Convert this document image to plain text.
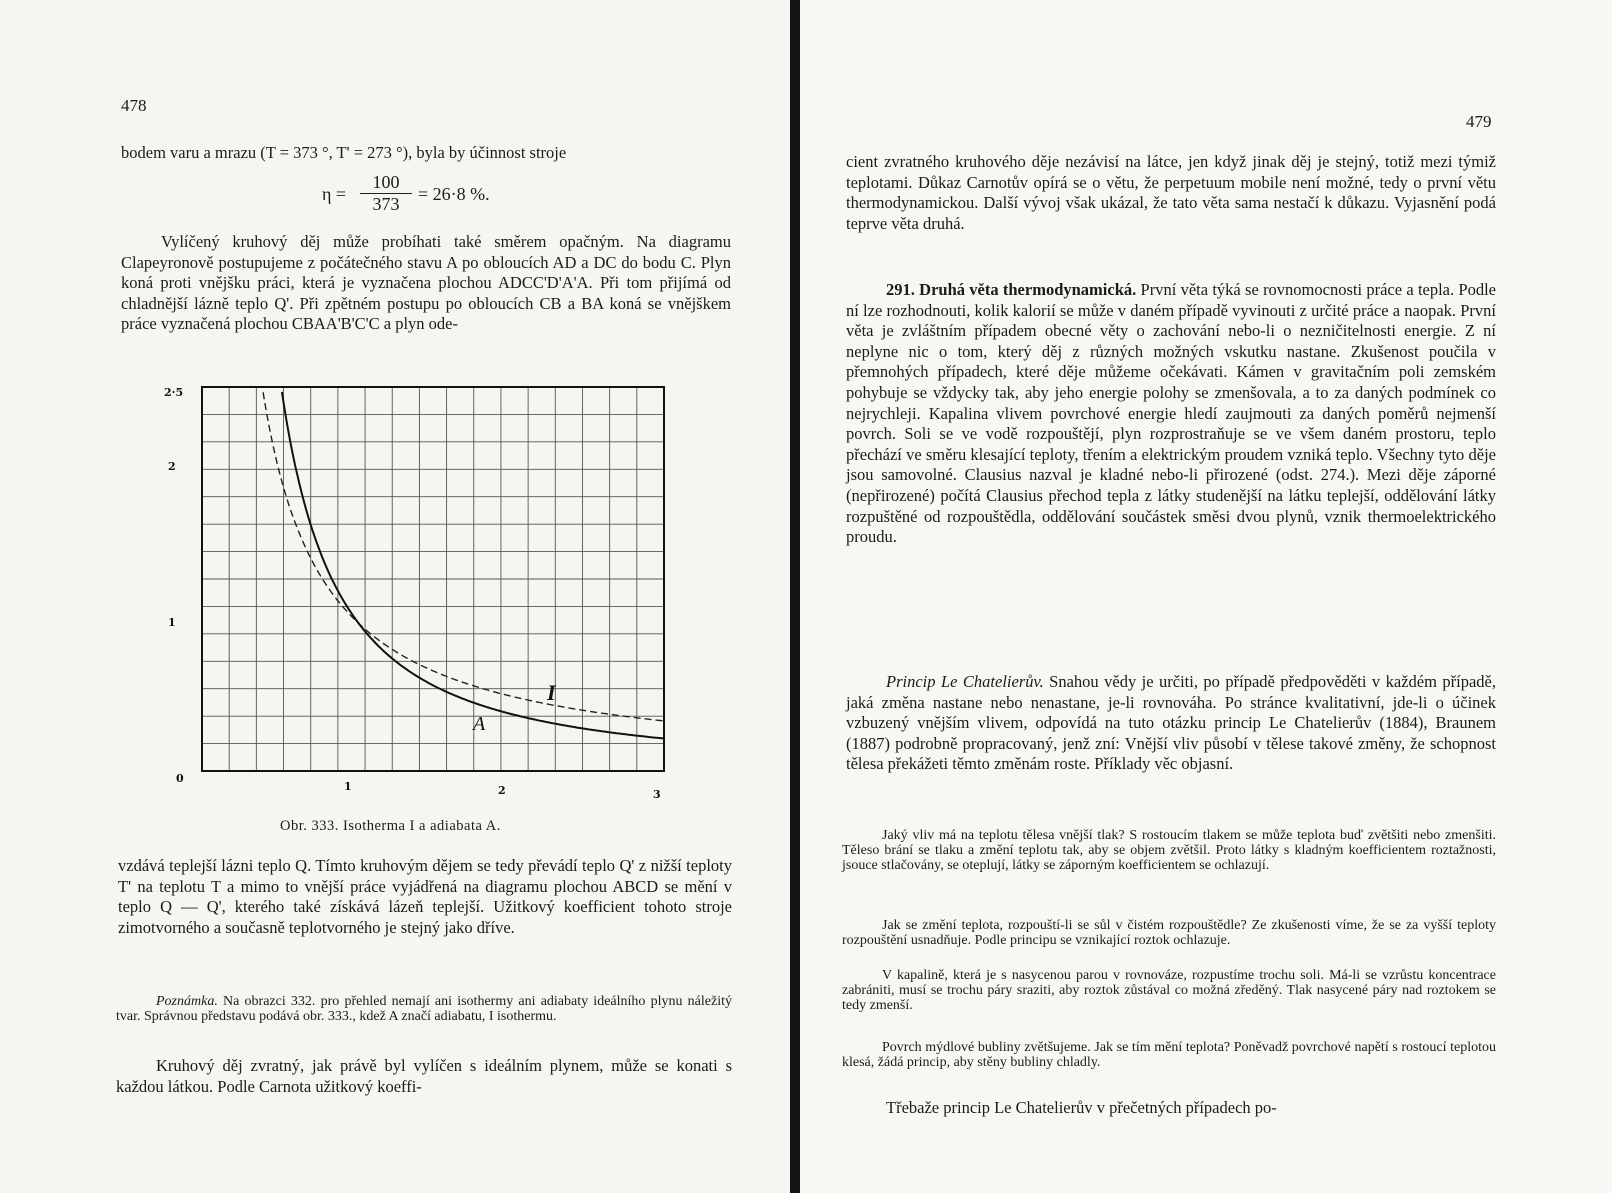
478

bodem varu a mrazu (T = 373 °, T' = 273 °), byla by účinnost stroje

$\eta = \frac{100}{373} = 26\cdot 8$ %.

Vylíčený kruhový děj může probíhati také směrem opačným. Na diagramu Clapeyronově postupujeme z počátečného stavu A po obloucích AD a DC do bodu C. Plyn koná proti vnějšku práci, která je vyznačena plochou ADCC'D'A'A. Při tom přijímá od chladnější lázně teplo Q'. Při zpětném postupu po obloucích CB a BA koná se vnějškem práce vyznačená plochou CBAA'B'C'C a plyn ode-

I
A
0
1	2	3
1
2
2·5
Obr. 333. Isotherma I a adiabata A.

vzdává teplejší lázni teplo Q. Tímto kruhovým dějem se tedy převádí teplo Q' z nižší teploty T' na teplotu T a mimo to vnější práce vyjádřená na diagramu plochou ABCD se mění v teplo Q — Q', kterého také získává lázeň teplejší. Užitkový koefficient tohoto stroje zimotvorného a současně teplotvorného je stejný jako dříve.

Poznámka. Na obrazci 332. pro přehled nemají ani isothermy ani adiabaty ideálního plynu náležitý tvar. Správnou představu podává obr. 333., kdež A značí adiabatu, I isothermu.

Kruhový děj zvratný, jak právě byl vylíčen s ideálním plynem, může se konati s každou látkou. Podle Carnota užitkový koeffi-

479

cient zvratného kruhového děje nezávisí na látce, jen když jinak děj je stejný, totiž mezi týmiž teplotami. Důkaz Carnotův opírá se o větu, že perpetuum mobile není možné, tedy o první větu thermodynamickou. Další vývoj však ukázal, že tato věta sama nestačí k důkazu. Vyjasnění podá teprve věta druhá.

291. Druhá věta thermodynamická. První věta týká se rovnomocnosti práce a tepla. Podle ní lze rozhodnouti, kolik kalorií se může v daném případě vyvinouti z určité práce a naopak. První věta je zvláštním případem obecné věty o zachování nebo-li o nezničitelnosti energie. Z ní neplyne nic o tom, který děj z různých možných vskutku nastane. Zkušenost poučila v přemnohých případech, které děje můžeme očekávati. Kámen v gravitačním poli zemském pohybuje se vždycky tak, aby jeho energie polohy se zmenšovala, a to za daných podmínek co nejrychleji. Kapalina vlivem povrchové energie hledí zaujmouti za daných poměrů nejmenší povrch. Soli se ve vodě rozpouštějí, plyn rozprostraňuje se ve všem daném prostoru, teplo přechází ve směru klesající teploty, třením a elektrickým proudem vzniká teplo. Všechny tyto děje jsou samovolné. Clausius nazval je kladné nebo-li přirozené (odst. 274.). Mezi děje záporné (nepřirozené) počítá Clausius přechod tepla z látky studenější na látku teplejší, oddělování látky rozpuštěné od rozpouštědla, oddělování součástek směsi dvou plynů, vznik thermoelektrického proudu.

Princip Le Chatelierův. Snahou vědy je určiti, po případě předpověděti v každém případě, jaká změna nastane nebo nenastane, je-li rovnováha. Po stránce kvalitativní, jde-li o účinek vzbuzený vnějším vlivem, odpovídá na tuto otázku princip Le Chatelierův (1884), Braunem (1887) podrobně propracovaný, jenž zní: Vnější vliv působí v tělese takové změny, že schopnost tělesa překážeti těmto změnám roste. Příklady věc objasní.

Jaký vliv má na teplotu tělesa vnější tlak? S rostoucím tlakem se může teplota buď zvětšiti nebo zmenšiti. Těleso brání se tlaku a změní teplotu tak, aby se objem zvětšil. Proto látky s kladným koefficientem roztažnosti, jsouce stlačovány, se oteplují, látky se záporným koefficientem se ochlazují.

Jak se změní teplota, rozpouští-li se sůl v čistém rozpouštědle? Ze zkušenosti víme, že se za vyšší teploty rozpouštění usnadňuje. Podle principu se vznikající roztok ochlazuje.

V kapalině, která je s nasycenou parou v rovnováze, rozpustíme trochu soli. Má-li se vzrůstu koncentrace zabrániti, musí se trochu páry sraziti, aby roztok zůstával co možná zředěný. Tlak nasycené páry nad roztokem se tedy zmenší.

Povrch mýdlové bubliny zvětšujeme. Jak se tím mění teplota? Poněvadž povrchové napětí s rostoucí teplotou klesá, žádá princip, aby stěny bubliny chladly.

Třebaže princip Le Chatelierův v přečetných případech po-
